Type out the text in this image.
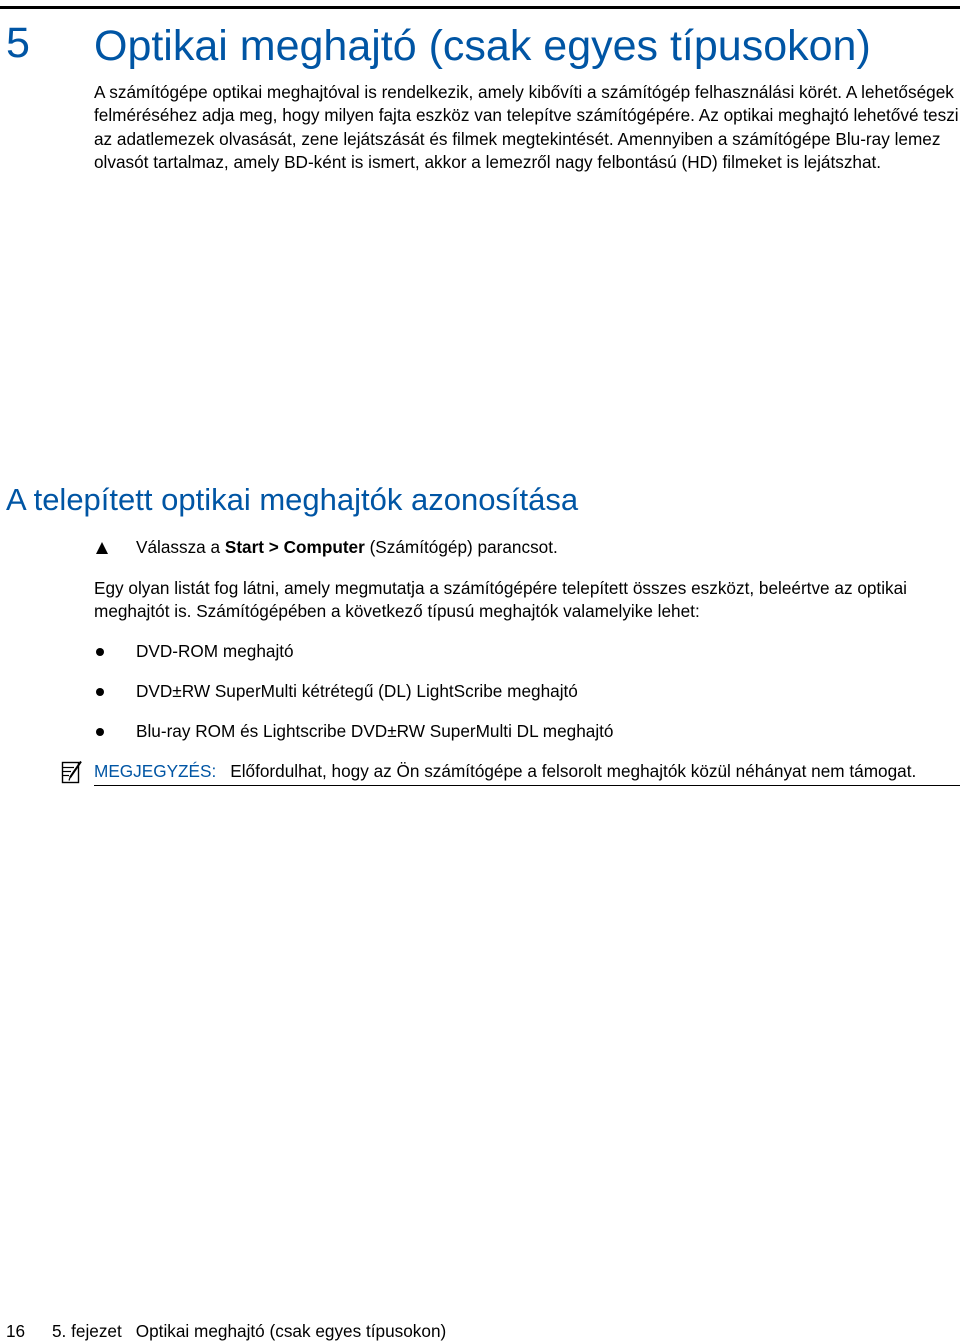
5 Optikai meghajtó (csak egyes típusokon)

A számítógépe optikai meghajtóval is rendelkezik, amely kibővíti a számítógép felhasználási körét. A lehetőségek felméréséhez adja meg, hogy milyen fajta eszköz van telepítve számítógépére. Az optikai meghajtó lehetővé teszi az adatlemezek olvasását, zene lejátszását és filmek megtekintését. Amennyiben a számítógépe Blu-ray lemez olvasót tartalmaz, amely BD-ként is ismert, akkor a lemezről nagy felbontású (HD) filmeket is lejátszhat.

A telepített optikai meghajtók azonosítása
Válassza a Start > Computer (Számítógép) parancsot.

Egy olyan listát fog látni, amely megmutatja a számítógépére telepített összes eszközt, beleértve az optikai meghajtót is. Számítógépében a következő típusú meghajtók valamelyike lehet:

DVD-ROM meghajtó
DVD±RW SuperMulti kétrétegű (DL) LightScribe meghajtó
Blu-ray ROM és Lightscribe DVD±RW SuperMulti DL meghajtó
MEGJEGYZÉS: Előfordulhat, hogy az Ön számítógépe a felsorolt meghajtók közül néhányat nem támogat.
16 5. fejezet Optikai meghajtó (csak egyes típusokon)
